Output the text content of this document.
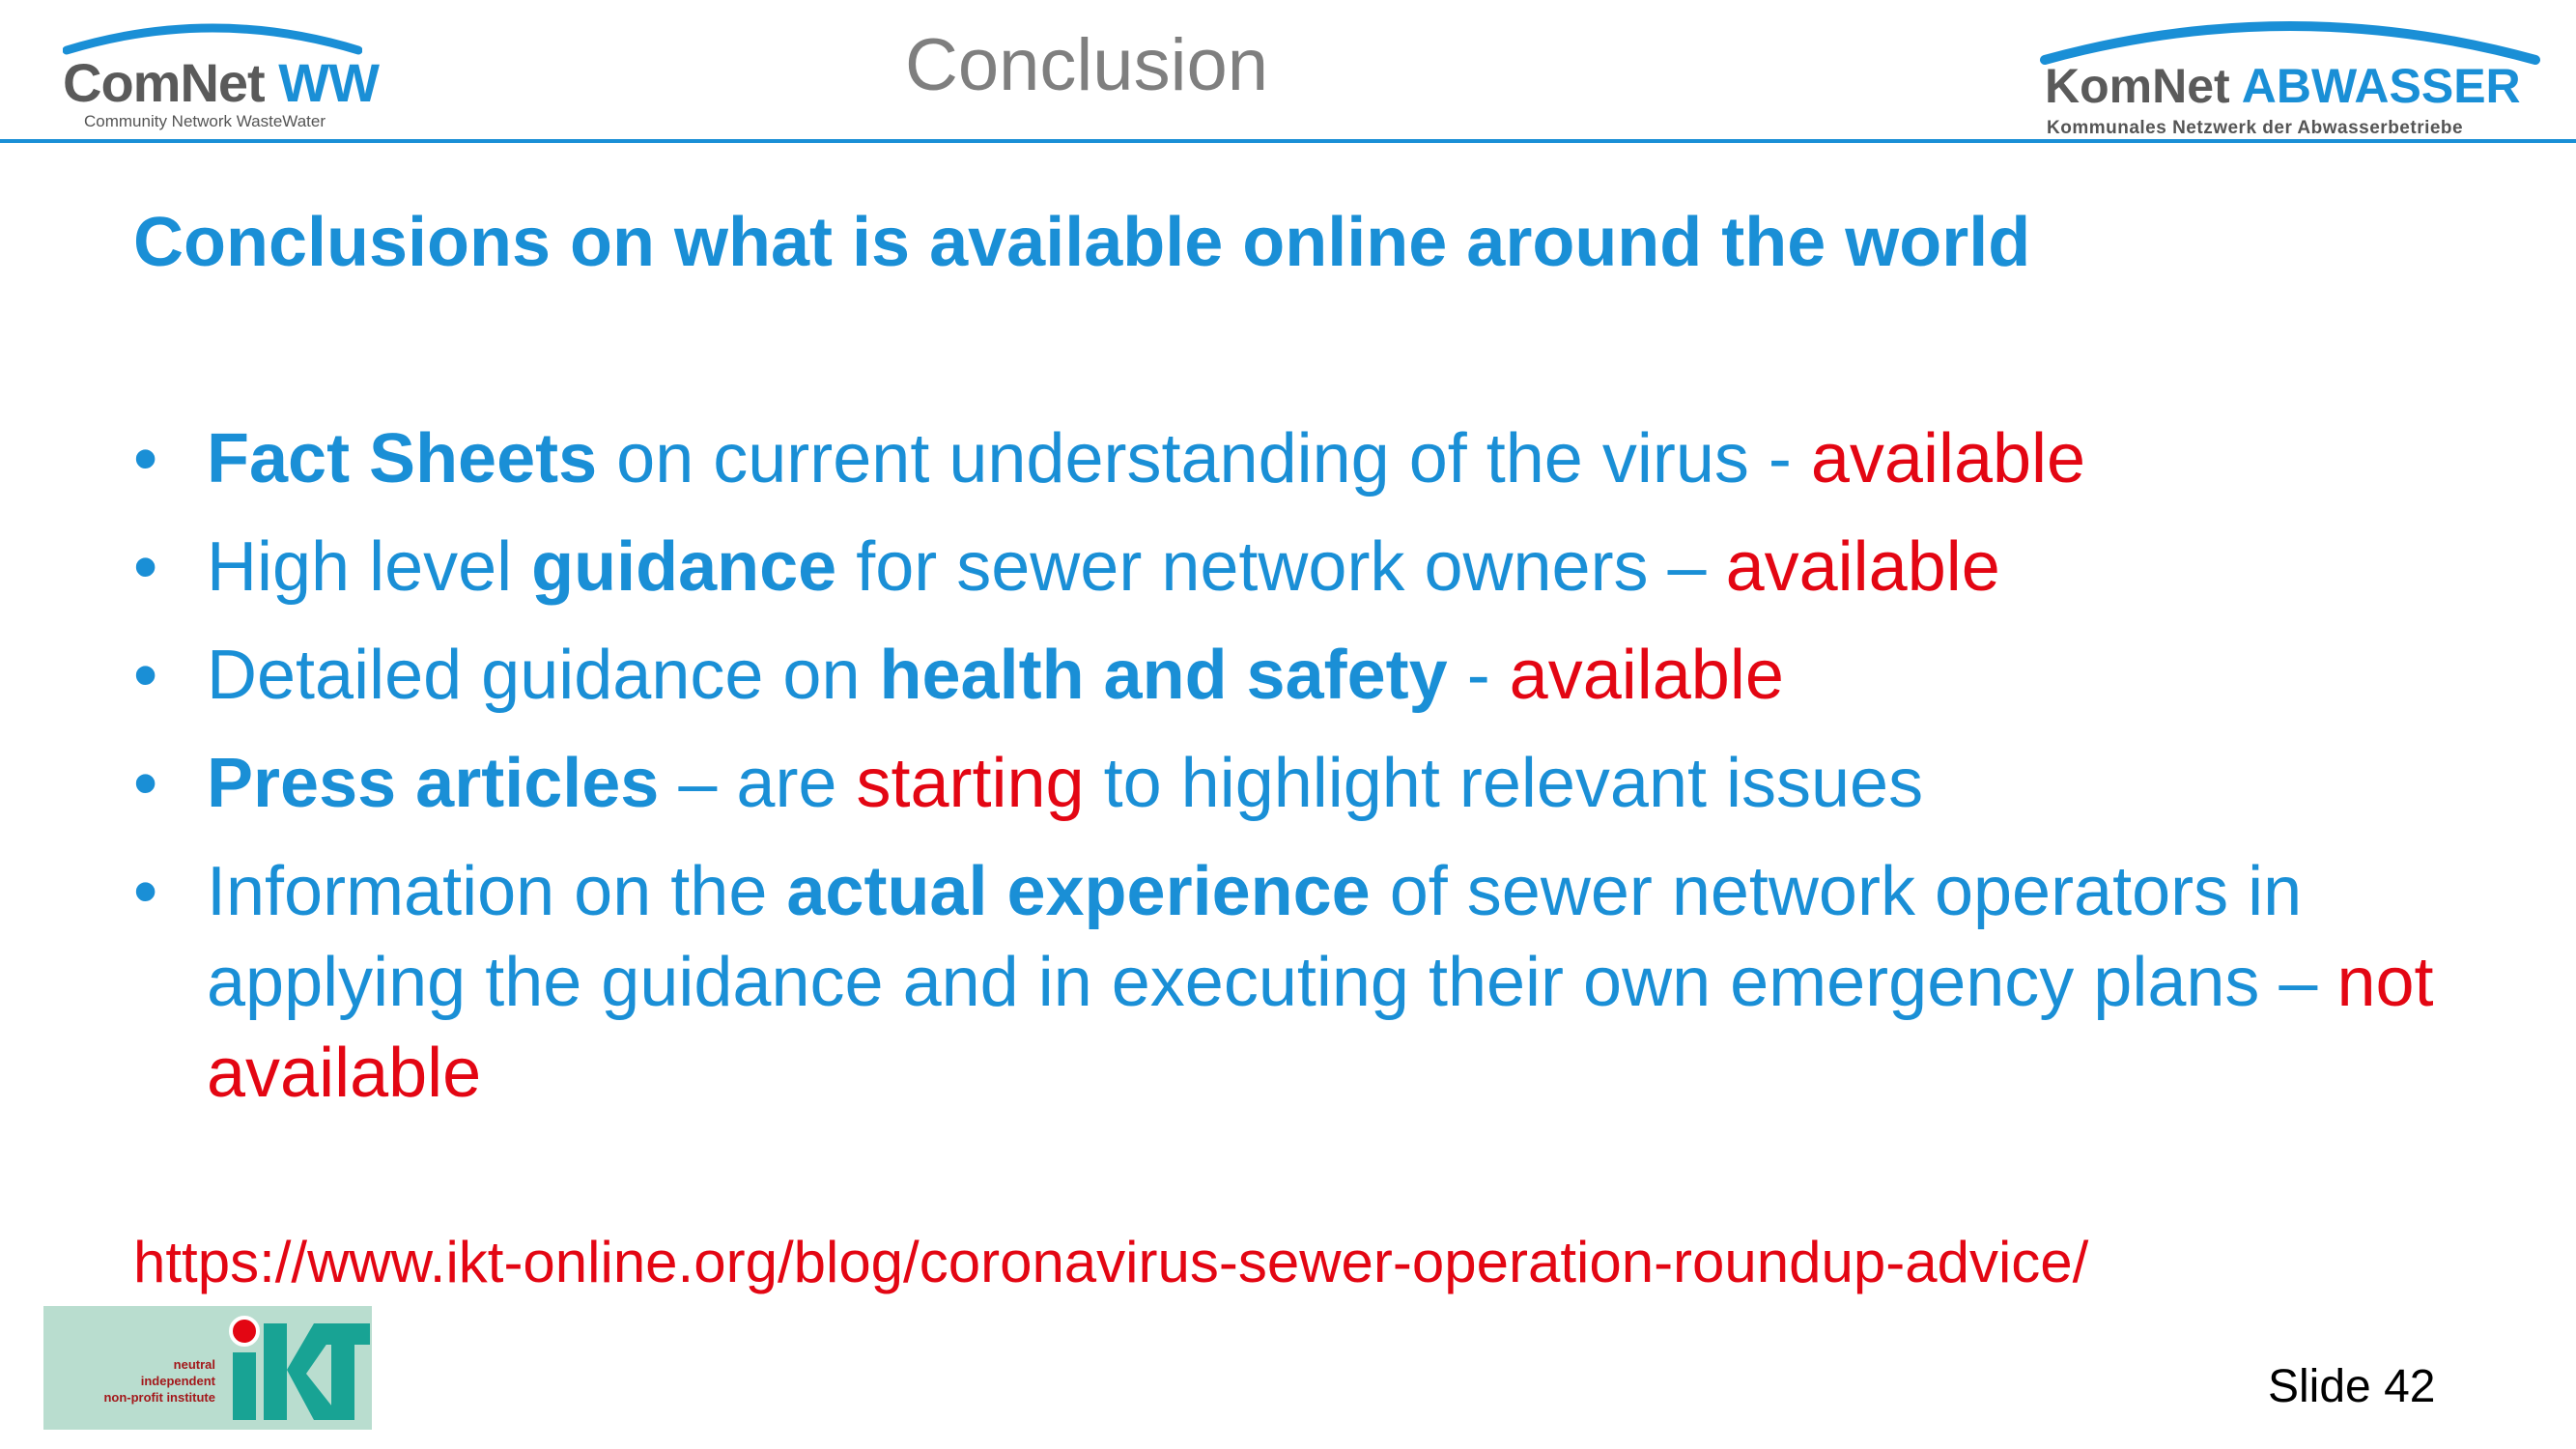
ComNet WW
Community Network WasteWater
Conclusion	KomNet ABWASSER
Kommunales Netzwerk der Abwasserbetriebe
Conclusions on what is available online around the world
• Fact Sheets on current understanding of the virus - available
• High level guidance for sewer network owners – available
• Detailed guidance on health and safety - available
• Press articles – are starting to highlight relevant issues
• Information on the actual experience of sewer network operators in applying the guidance and in executing their own emergency plans – not available
https://www.ikt-online.org/blog/coronavirus-sewer-operation-roundup-advice/
neutral
independent
non-profit institute	Slide 42
